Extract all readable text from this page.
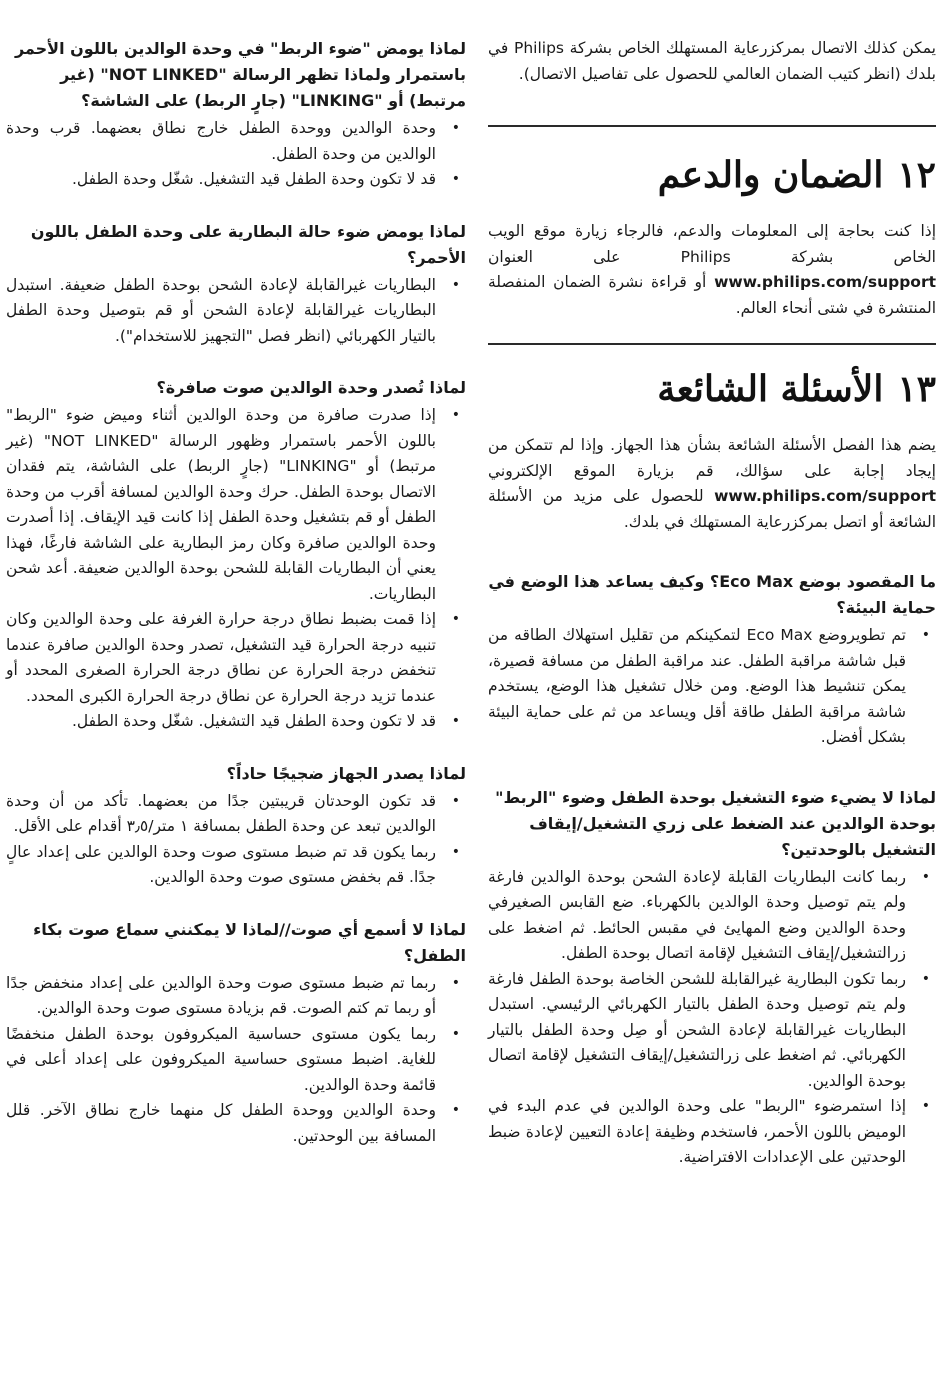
يمكن كذلك الاتصال بمركزرعاية المستهلك الخاص بشركة Philips في بلدك (انظر كتيب الضمان العالمي للحصول على تفاصيل الاتصال).

١٢الضمان والدعم

إذا كنت بحاجة إلى المعلومات والدعم، فالرجاء زيارة موقع الويب الخاص بشركة Philips على العنوان www.philips.com/support أو قراءة نشرة الضمان المنفصلة المنتشرة في شتى أنحاء العالم.

١٣الأسئلة الشائعة

يضم هذا الفصل الأسئلة الشائعة بشأن هذا الجهاز. وإذا لم تتمكن من إيجاد إجابة على سؤالك، قم بزيارة الموقع الإلكتروني www.philips.com/support للحصول على مزيد من الأسئلة الشائعة أو اتصل بمركزرعاية المستهلك في بلدك.

ما المقصود بوضع Eco Max؟ وكيف يساعد هذا الوضع في حماية البيئة؟
•
تم تطويروضع Eco Max لتمكينكم من تقليل استهلاك الطاقه من قبل شاشة مراقبة الطفل. عند مراقبة الطفل من مسافة قصيرة، يمكن تنشيط هذا الوضع. ومن خلال تشغيل هذا الوضع، يستخدم شاشة مراقبة الطفل طاقة أقل ويساعد من ثم على حماية البيئة بشكل أفضل.
لماذا لا يضيء ضوء التشغيل بوحدة الطفل وضوء "الربط" بوحدة الوالدين عند الضغط على زري التشغيل/إيقاف التشغيل بالوحدتين؟
•
ربما كانت البطاريات القابلة لإعادة الشحن بوحدة الوالدين فارغة ولم يتم توصيل وحدة الوالدين بالكهرباء. ضع القابس الصغيرفي وحدة الوالدين وضع المهايئ في مقبس الحائط. ثم اضغط على زرالتشغيل/إيقاف التشغيل لإقامة اتصال بوحدة الطفل.
•
ربما تكون البطارية غيرالقابلة للشحن الخاصة بوحدة الطفل فارغة ولم يتم توصيل وحدة الطفل بالتيار الكهربائي الرئيسي. استبدل البطاريات غيرالقابلة لإعادة الشحن أو صِل وحدة الطفل بالتيار الكهربائي. ثم اضغط على زرالتشغيل/إيقاف التشغيل لإقامة اتصال بوحدة الوالدين.
•
إذا استمرضوء "الربط" على وحدة الوالدين في عدم البدء في الوميض باللون الأحمر، فاستخدم وظيفة إعادة التعيين لإعادة ضبط الوحدتين على الإعدادات الافتراضية.
لماذا يومض "ضوء الربط" في وحدة الوالدين باللون الأحمر باستمرار ولماذا تظهر الرسالة "NOT LINKED" (غير مرتبط) أو "LINKING" (جارٍ الربط) على الشاشة؟
•
وحدة الوالدين ووحدة الطفل خارج نطاق بعضهما. قرب وحدة الوالدين من وحدة الطفل.
•
قد لا تكون وحدة الطفل قيد التشغيل. شغّل وحدة الطفل.
لماذا يومض ضوء حالة البطارية على وحدة الطفل باللون الأحمر؟
•
البطاريات غيرالقابلة لإعادة الشحن بوحدة الطفل ضعيفة. استبدل البطاريات غيرالقابلة لإعادة الشحن أو قم بتوصيل وحدة الطفل بالتيار الكهربائي (انظر فصل "التجهيز للاستخدام").
لماذا تُصدر وحدة الوالدين صوت صافرة؟
•
إذا صدرت صافرة من وحدة الوالدين أثناء وميض ضوء "الربط" باللون الأحمر باستمرار وظهور الرسالة "NOT LINKED" (غير مرتبط) أو "LINKING" (جارٍ الربط) على الشاشة، يتم فقدان الاتصال بوحدة الطفل. حرك وحدة الوالدين لمسافة أقرب من وحدة الطفل أو قم بتشغيل وحدة الطفل إذا كانت قيد الإيقاف. إذا أصدرت وحدة الوالدين صافرة وكان رمز البطارية على الشاشة فارغًا، فهذا يعني أن البطاريات القابلة للشحن بوحدة الوالدين ضعيفة. أعد شحن البطاريات.
•
إذا قمت بضبط نطاق درجة حرارة الغرفة على وحدة الوالدين وكان تنبيه درجة الحرارة قيد التشغيل، تصدر وحدة الوالدين صافرة عندما تنخفض درجة الحرارة عن نطاق درجة الحرارة الصغرى المحدد أو عندما تزيد درجة الحرارة عن نطاق درجة الحرارة الكبرى المحدد.
•
قد لا تكون وحدة الطفل قيد التشغيل. شغّل وحدة الطفل.
لماذا يصدر الجهاز ضجيجًا حاداً؟
•
قد تكون الوحدتان قريبتين جدًا من بعضهما. تأكد من أن وحدة الوالدين تبعد عن وحدة الطفل بمسافة ١ متر/٣٫٥ أقدام على الأقل.
•
ربما يكون قد تم ضبط مستوى صوت وحدة الوالدين على إعداد عالٍ جدًا. قم بخفض مستوى صوت وحدة الوالدين.
لماذا لا أسمع أي صوت//لماذا لا يمكنني سماع صوت بكاء الطفل؟
•
ربما تم ضبط مستوى صوت وحدة الوالدين على إعداد منخفض جدًا أو ربما تم كتم الصوت. قم بزيادة مستوى صوت وحدة الوالدين.
•
ربما يكون مستوى حساسية الميكروفون بوحدة الطفل منخفضًا للغاية. اضبط مستوى حساسية الميكروفون على إعداد أعلى في قائمة وحدة الوالدين.
•
وحدة الوالدين ووحدة الطفل كل منهما خارج نطاق الآخر. قلل المسافة بين الوحدتين.
